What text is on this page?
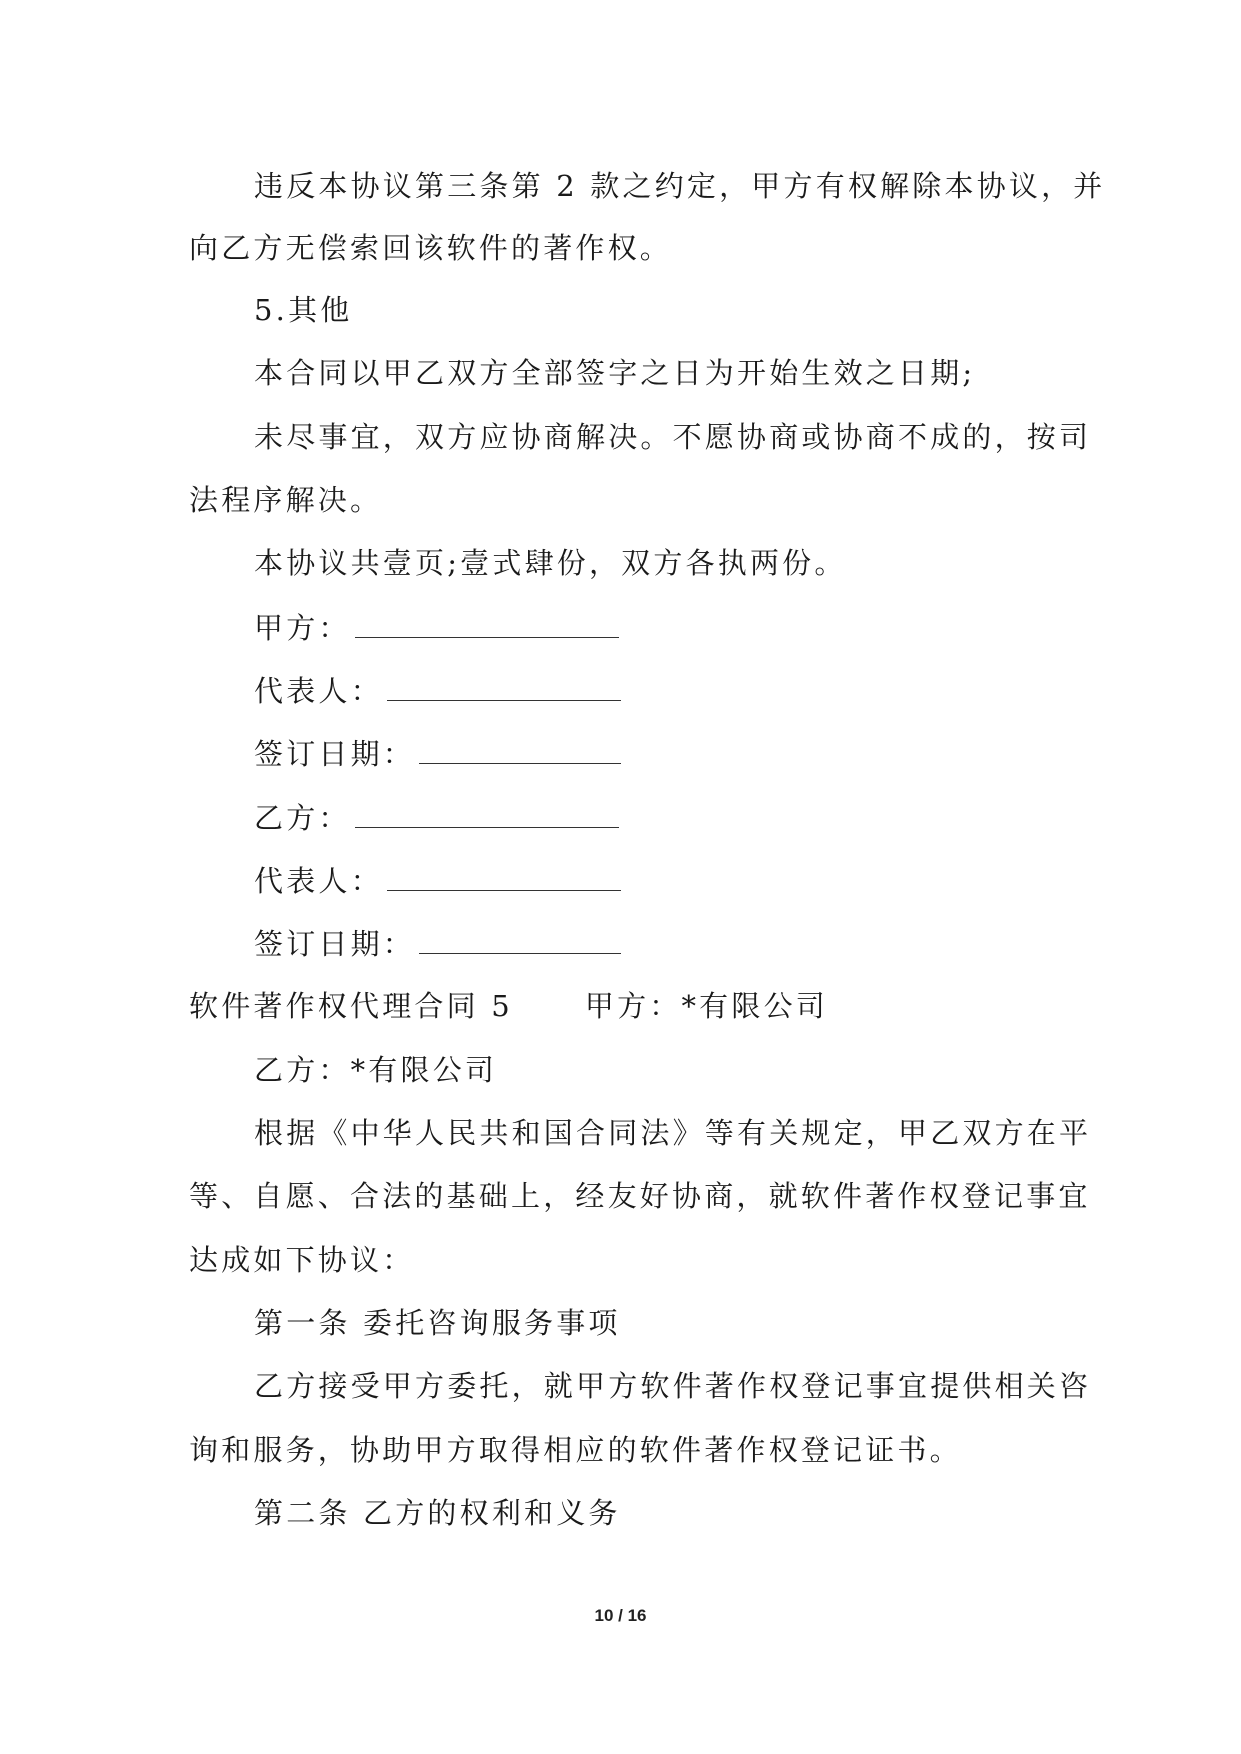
违反本协议第三条第 2 款之约定，甲方有权解除本协议，并
向乙方无偿索回该软件的著作权。
5.其他
本合同以甲乙双方全部签字之日为开始生效之日期;
未尽事宜，双方应协商解决。不愿协商或协商不成的，按司
法程序解决。
本协议共壹页;壹式肆份，双方各执两份。
甲方：
代表人：
签订日期：
乙方：
代表人：
签订日期：
软件著作权代理合同 5 甲方：*有限公司
乙方：*有限公司
根据《中华人民共和国合同法》等有关规定，甲乙双方在平
等、自愿、合法的基础上，经友好协商，就软件著作权登记事宜
达成如下协议：
第一条 委托咨询服务事项
乙方接受甲方委托，就甲方软件著作权登记事宜提供相关咨
询和服务，协助甲方取得相应的软件著作权登记证书。
第二条 乙方的权利和义务
10 / 16
